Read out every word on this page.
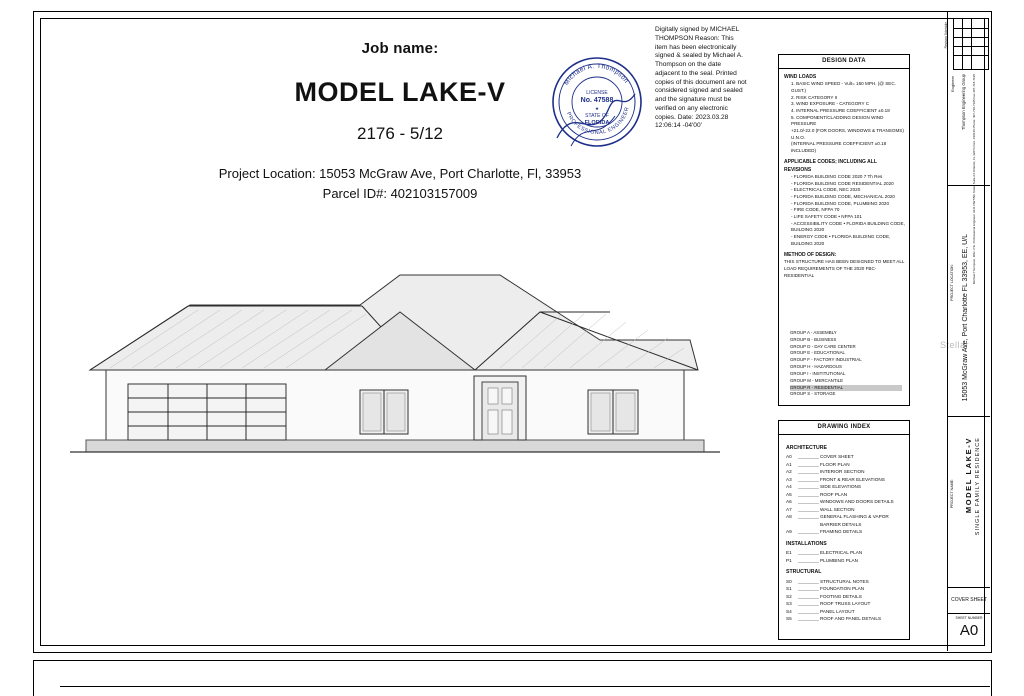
Job name:
MODEL LAKE-V
2176 - 5/12
Project Location: 15053 McGraw Ave, Port Charlotte, Fl, 33953
Parcel ID#: 402103157009
Michael A. Thompson
PROFESSIONAL ENGINEER
LICENSE
No. 47588
★
STATE OF
FLORIDA
Digitally signed by MICHAEL THOMPSON Reason: This item has been electronically signed & sealed by Michael A. Thompson on the date adjacent to the seal. Printed copies of this document are not considered signed and sealed and the signature must be verified on any electronic copies. Date: 2023.03.28 12:06:14 -04'00'
DESIGN DATA
WIND LOADS
1. BASIC WIND SPEED - Vult= 160 MPH. (@ SEC. GUST.)
2. RISK CATEGORY II
3. WIND EXPOSURE - CATEGORY C
4. INTERNAL PRESSURE COEFFICIENT ±0.18
5. COMPONENT/CLADDING DESIGN WIND PRESSURE
+21.0/-22.0 (FOR DOORS, WINDOWS & TRANSOMS) U.N.O.
(INTERNAL PRESSURE COEFFICIENT ±0.18 INCLUDED)
APPLICABLE CODES; INCLUDING ALL REVISIONS
- FLORIDA BUILDING CODE 2020 7 Th Res
- FLORIDA BUILDING CODE RESIDENTIAL 2020
- ELECTRICAL CODE, NEC 2020
- FLORIDA BUILDING CODE, MECHANICAL 2020
- FLORIDA BUILDING CODE, PLUMBING 2020
- FIRE CODE, NFPA 70
- LIFE SAFETY CODE • NFPA 101
- ACCESSIBILITY CODE • FLORIDA BUILDING CODE,
BUILDING 2020
- ENERGY CODE • FLORIDA BUILDING CODE,
BUILDING 2020
METHOD OF DESIGN:
THIS STRUCTURE HAS BEEN DESIGNED TO MEET ALL LOAD REQUIREMENTS OF THE 2020 FBC-RESIDENTIAL
GROUP A - ASSEMBLY
GROUP B - BUSINESS
GROUP D - DAY CARE CENTER
GROUP E - EDUCATIONAL
GROUP F - FACTORY INDUSTRIAL
GROUP H - HAZARDOUS
GROUP I - INSTITUTIONAL
GROUP M - MERCANTILE
GROUP R - RESIDENTIAL
GROUP S - STORAGE
DRAWING INDEX
ARCHITECTURE
A0	________ COVER SHEET
A1	________ FLOOR PLAN
A2	________ INTERIOR SECTION
A3	________ FRONT & REAR ELEVATIONS
A4	________ SIDE ELEVATIONS
A5	________ ROOF PLAN
A6	________ WINDOWS AND DOORS DETAILS
A7	________ WALL SECTION
A8	________ GENERAL FLASHING & VAPOR BARRIER DETAILS
A9	________ FRAMING DETAILS
INSTALLATIONS
E1	________ ELECTRICAL PLAN
P1	________ PLUMBING PLAN
STRUCTURAL
S0	________ STRUCTURAL NOTES
S1	________ FOUNDATION PLAN
S2	________ FOOTING DETAILS
S3	________ ROOF TRUSS LAYOUT
S4	________ PANEL LAYOUT
S5	________ ROOF AND PANEL DETAILS
Stellar
Revision Schedule
Engineer Thompson Engineering Group Michael Thompson, MSc. P.E. Professional Engineer 3241 NW 55th Street Suite A4 Orlando, FL 32073 Cert. #30146 Phone: 407-718-7195 Fax 407-718-7195
PROJECT LOCATION: 15053 McGraw Ave, Port Charlotte FL 33953, EE, U/L
PROJECT NAME: MODEL LAKE-V SINGLE FAMILY RESIDENCE
COVER SHEET
SHEET NUMBER
A0
